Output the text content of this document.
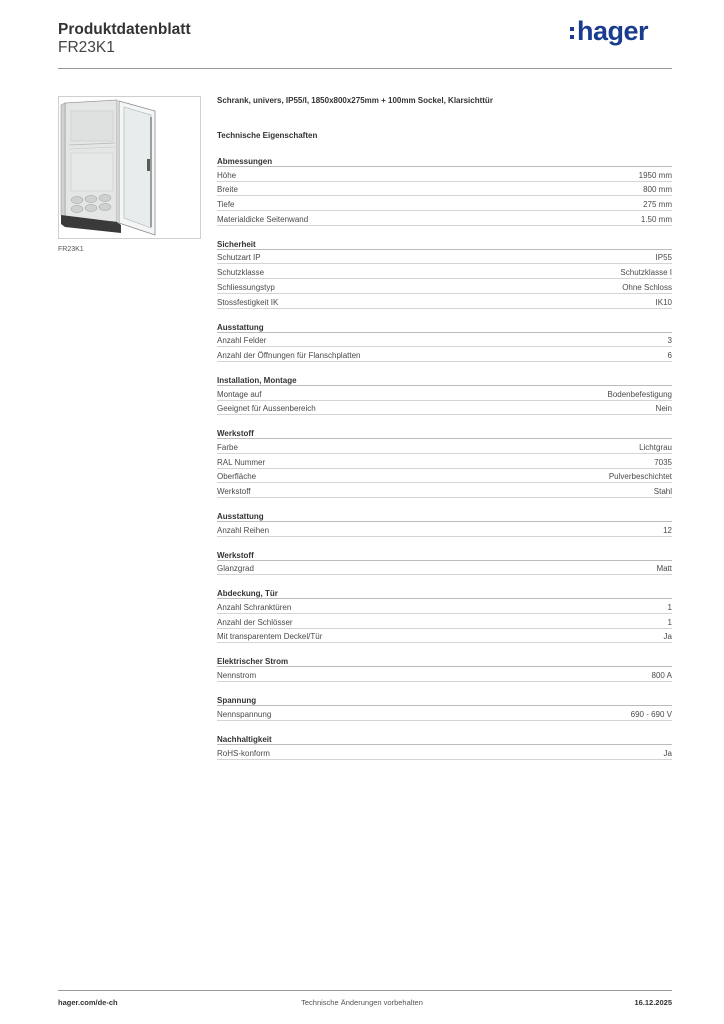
Produktdatenblatt
FR23K1
hager
FR23K1
Schrank, univers, IP55/I, 1850x800x275mm + 100mm Sockel, Klarsichttür
Technische Eigenschaften
Abmessungen
Höhe	1950 mm
Breite	800 mm
Tiefe	275 mm
Materialdicke Seitenwand	1.50 mm
Sicherheit
Schutzart IP	IP55
Schutzklasse	Schutzklasse I
Schliessungstyp	Ohne Schloss
Stossfestigkeit IK	IK10
Ausstattung
Anzahl Felder	3
Anzahl der Öffnungen für Flanschplatten	6
Installation, Montage
Montage auf	Bodenbefestigung
Geeignet für Aussenbereich	Nein
Werkstoff
Farbe	Lichtgrau
RAL Nummer	7035
Oberfläche	Pulverbeschichtet
Werkstoff	Stahl
Ausstattung
Anzahl Reihen	12
Werkstoff
Glanzgrad	Matt
Abdeckung, Tür
Anzahl Schranktüren	1
Anzahl der Schlösser	1
Mit transparentem Deckel/Tür	Ja
Elektrischer Strom
Nennstrom	800 A
Spannung
Nennspannung	690 - 690 V
Nachhaltigkeit
RoHS-konform	Ja
hager.com/de-ch	Technische Änderungen vorbehalten	16.12.2025
